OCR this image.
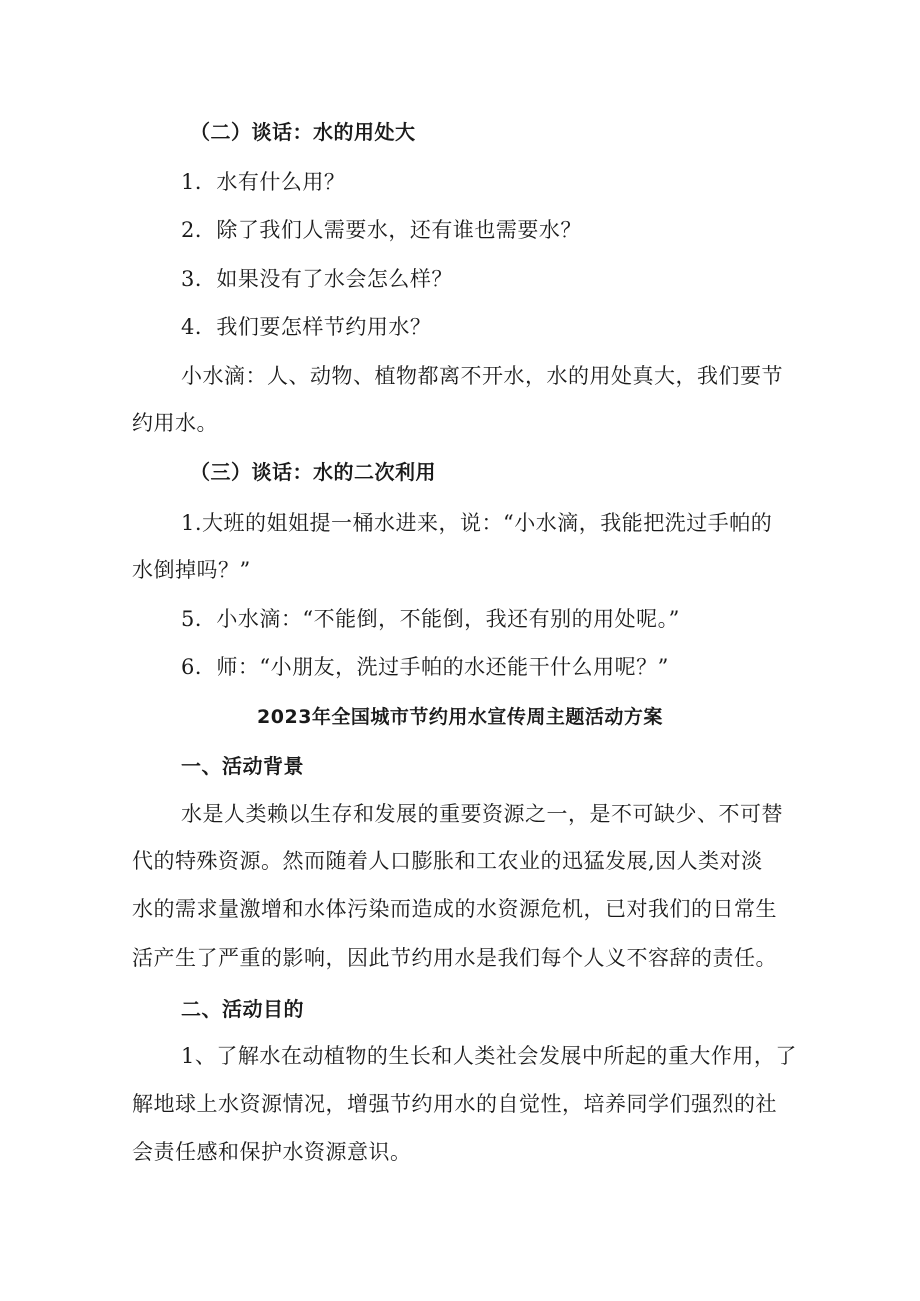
（二）谈话：水的用处大
1．水有什么用？
2．除了我们人需要水，还有谁也需要水？
3．如果没有了水会怎么样？
4．我们要怎样节约用水？
小水滴：人、动物、植物都离不开水，水的用处真大，我们要节
约用水。
（三）谈话：水的二次利用
1.大班的姐姐提一桶水进来，说：“小水滴，我能把洗过手帕的
水倒掉吗？”
5．小水滴：“不能倒，不能倒，我还有别的用处呢。”
6．师：“小朋友，洗过手帕的水还能干什么用呢？”
2023年全国城市节约用水宣传周主题活动方案
一、活动背景
水是人类赖以生存和发展的重要资源之一，是不可缺少、不可替
代的特殊资源。然而随着人口膨胀和工农业的迅猛发展,因人类对淡
水的需求量激增和水体污染而造成的水资源危机，已对我们的日常生
活产生了严重的影响，因此节约用水是我们每个人义不容辞的责任。
二、活动目的
1、了解水在动植物的生长和人类社会发展中所起的重大作用，了
解地球上水资源情况，增强节约用水的自觉性，培养同学们强烈的社
会责任感和保护水资源意识。
